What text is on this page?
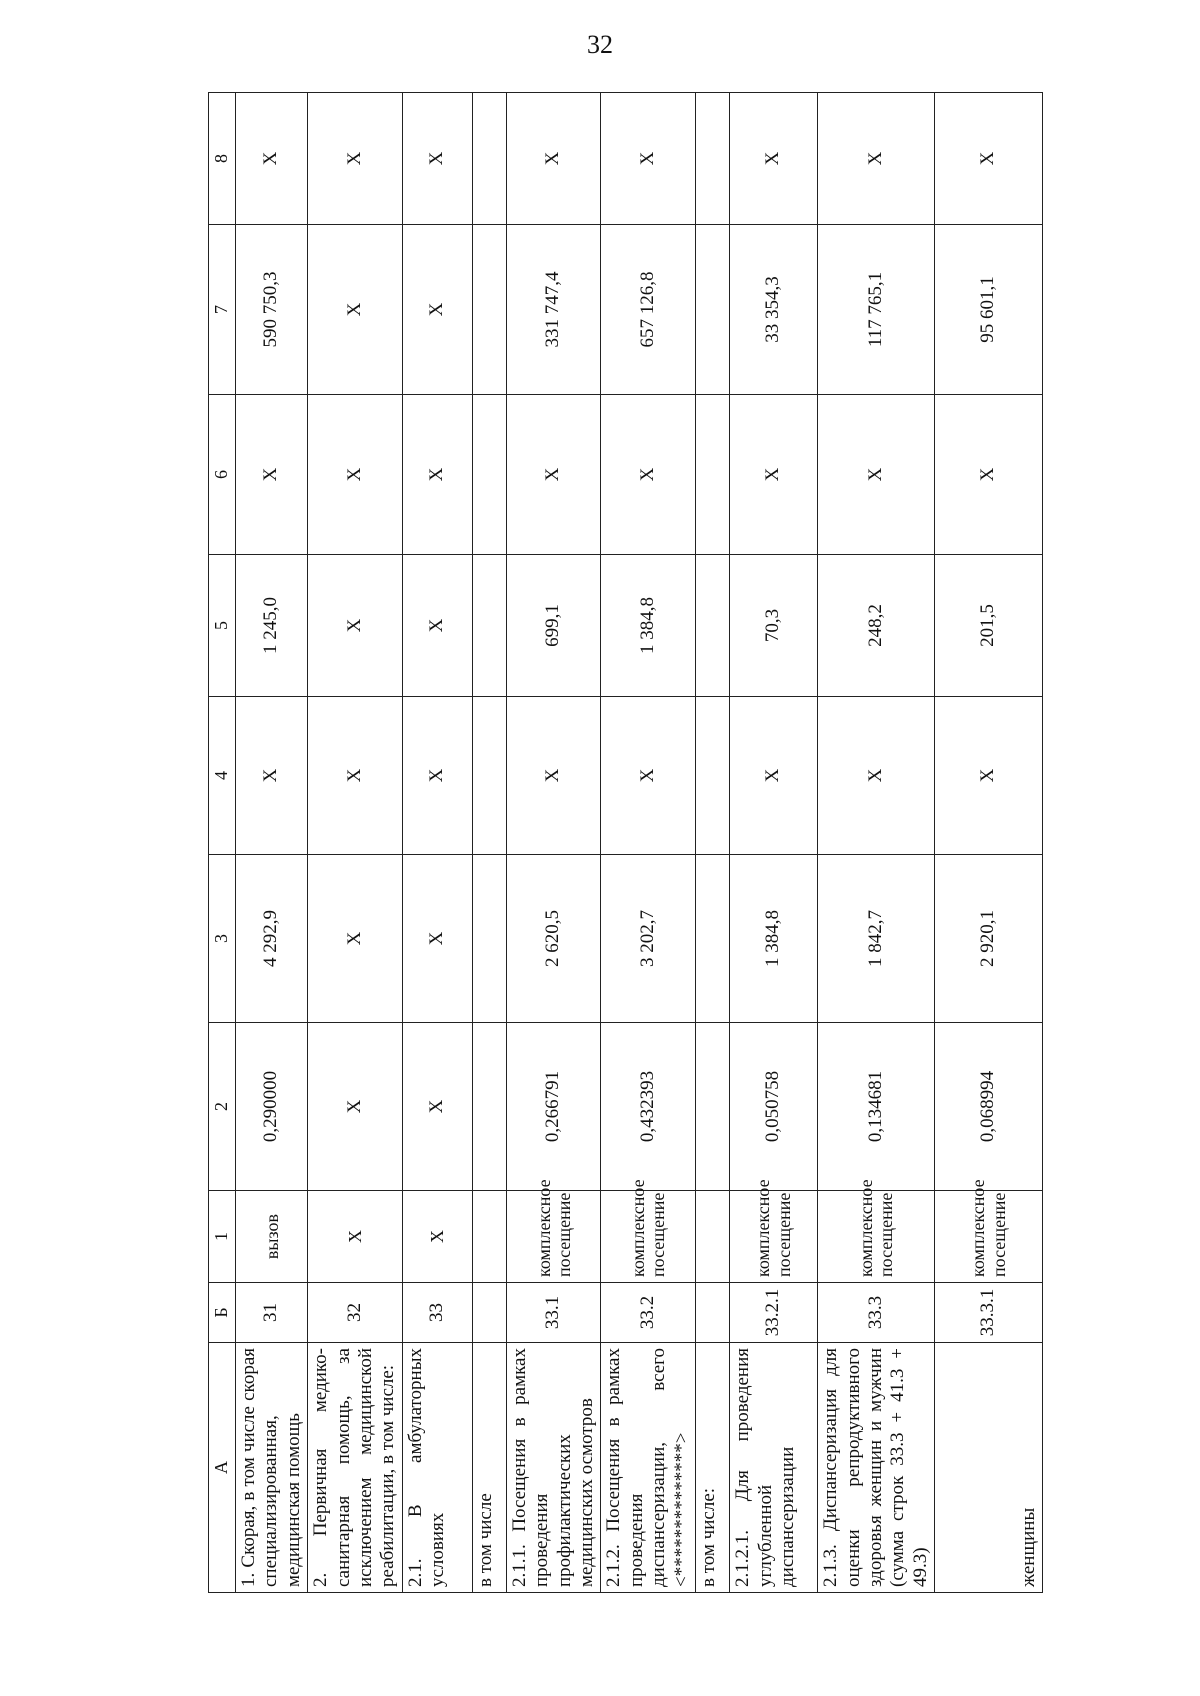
32
А	Б	1	2	3	4	5	6	7	8
1. Скорая, в том числе скорая специализированная, медицинская помощь	31	вызов	0,290000	4 292,9	Х	1 245,0	Х	590 750,3	Х
2. Первичная медико-санитарная помощь, за исключением медицинской реабилитации, в том числе:	32	Х	Х	Х	Х	Х	Х	Х	Х
2.1. В амбулаторных условиях	33	Х	Х	Х	Х	Х	Х	Х	Х
в том числе									
2.1.1. Посещения в рамках проведения профилактических медицинских осмотров	33.1	комплексное посещение	0,266791	2 620,5	Х	699,1	Х	331 747,4	Х
2.1.2. Посещения в рамках проведения диспансеризации, всего <**************>	33.2	комплексное посещение	0,432393	3 202,7	Х	1 384,8	Х	657 126,8	Х
в том числе:									
2.1.2.1. Для проведения углубленной диспансеризации	33.2.1	комплексное посещение	0,050758	1 384,8	Х	70,3	Х	33 354,3	Х
2.1.3. Диспансеризация для оценки репродуктивного здоровья женщин и мужчин (сумма строк 33.3 + 41.3 + 49.3)	33.3	комплексное посещение	0,134681	1 842,7	Х	248,2	Х	117 765,1	Х
женщины	33.3.1	комплексное посещение	0,068994	2 920,1	Х	201,5	Х	95 601,1	Х
